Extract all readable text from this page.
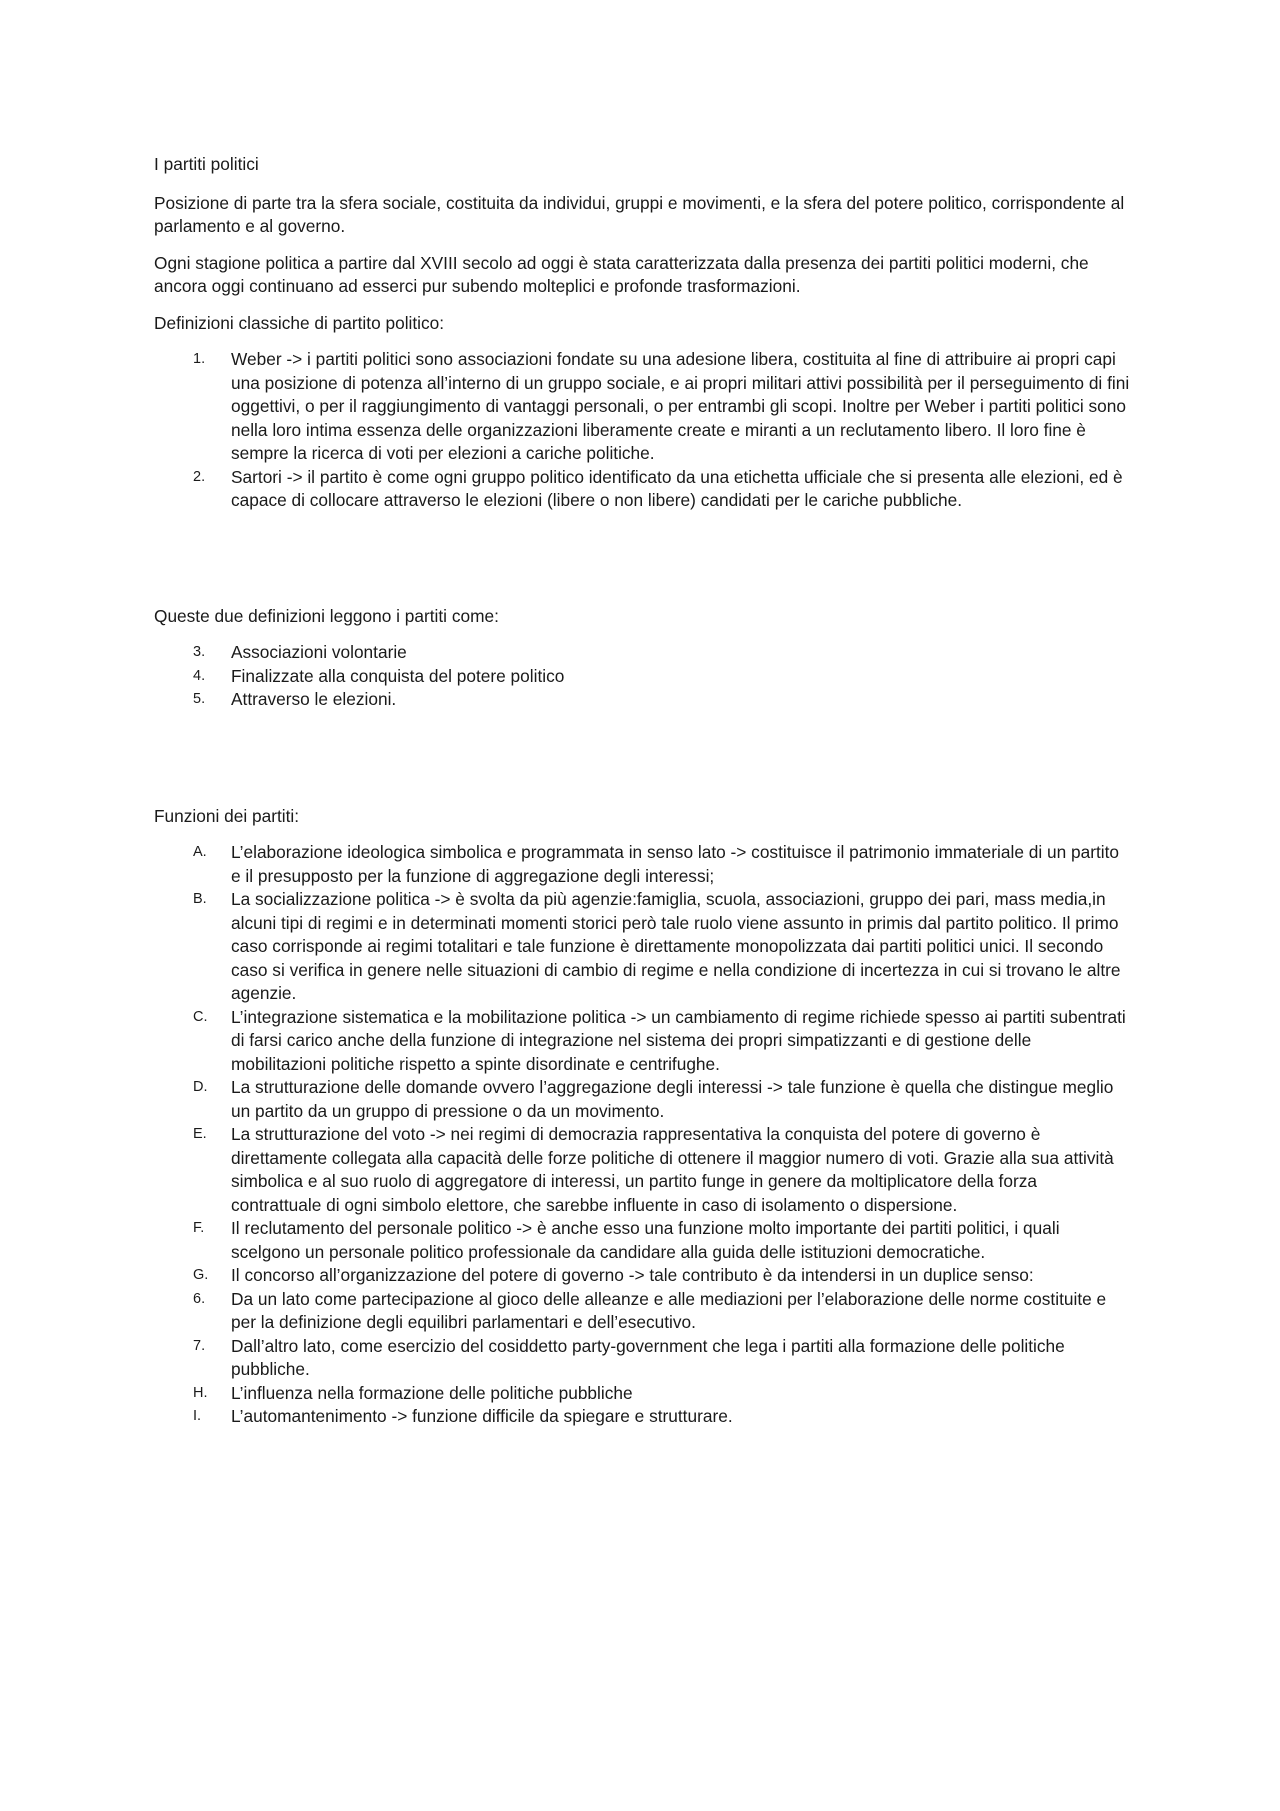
I partiti politici

Posizione di parte tra la sfera sociale, costituita da individui, gruppi e movimenti, e la sfera del potere politico, corrispondente al parlamento e al governo.

Ogni stagione politica a partire dal XVIII secolo ad oggi è stata caratterizzata dalla presenza dei partiti politici moderni, che ancora oggi continuano ad esserci pur subendo molteplici e profonde trasformazioni.

Definizioni classiche di partito politico:

1.	Weber -> i partiti politici sono associazioni fondate su una adesione libera, costituita al fine di attribuire ai propri capi una posizione di potenza all’interno di un gruppo sociale, e ai propri militari attivi possibilità per il perseguimento di fini oggettivi, o per il raggiungimento di vantaggi personali, o per entrambi gli scopi. Inoltre per Weber i partiti politici sono nella loro intima essenza delle organizzazioni liberamente create e miranti a un reclutamento libero. Il loro fine è sempre la ricerca di voti per elezioni a cariche politiche.
2.	Sartori -> il partito è come ogni gruppo politico identificato da una etichetta ufficiale che si presenta alle elezioni, ed è capace di collocare attraverso le elezioni (libere o non libere) candidati per le cariche pubbliche.

Queste due definizioni leggono i partiti come:

3.	Associazioni volontarie
4.	Finalizzate alla conquista del potere politico
5.	Attraverso le elezioni.

Funzioni dei partiti:

A.	L’elaborazione ideologica simbolica e programmata in senso lato -> costituisce il patrimonio immateriale di un partito e il presupposto per la funzione di aggregazione degli interessi;
B.	La socializzazione politica -> è svolta da più agenzie:famiglia, scuola, associazioni, gruppo dei pari, mass media,in alcuni tipi di regimi e in determinati momenti storici però tale ruolo viene assunto in primis dal partito politico. Il primo caso corrisponde ai regimi totalitari e tale funzione è direttamente monopolizzata dai partiti politici unici. Il secondo caso si verifica in genere nelle situazioni di cambio di regime e nella condizione di incertezza in cui si trovano le altre agenzie.
C.	L’integrazione sistematica e la mobilitazione politica -> un cambiamento di regime richiede spesso ai partiti subentrati di farsi carico anche della funzione di integrazione nel sistema dei propri simpatizzanti e di gestione delle mobilitazioni politiche rispetto a spinte disordinate e centrifughe.
D.	La strutturazione delle domande ovvero l’aggregazione degli interessi -> tale funzione è quella che distingue meglio un partito da un gruppo di pressione o da un movimento.
E.	La strutturazione del voto -> nei regimi di democrazia rappresentativa la conquista del potere di governo è direttamente collegata alla capacità delle forze politiche di ottenere il maggior numero di voti. Grazie alla sua attività simbolica e al suo ruolo di aggregatore di interessi, un partito funge in genere da moltiplicatore della forza contrattuale di ogni simbolo elettore, che sarebbe influente in caso di isolamento o dispersione.
F.	Il reclutamento del personale politico -> è anche esso una funzione molto importante dei partiti politici, i quali scelgono un personale politico professionale da candidare alla guida delle istituzioni democratiche.
G.	Il concorso all’organizzazione del potere di governo -> tale contributo è da intendersi in un duplice senso:
6.	Da un lato come partecipazione al gioco delle alleanze e alle mediazioni per l’elaborazione delle norme costituite e per la definizione degli equilibri parlamentari e dell’esecutivo.
7.	Dall’altro lato, come esercizio del cosiddetto party-government che lega i partiti alla formazione delle politiche pubbliche.
H.	L’influenza nella formazione delle politiche pubbliche
I.	L’automantenimento -> funzione difficile da spiegare e strutturare.
